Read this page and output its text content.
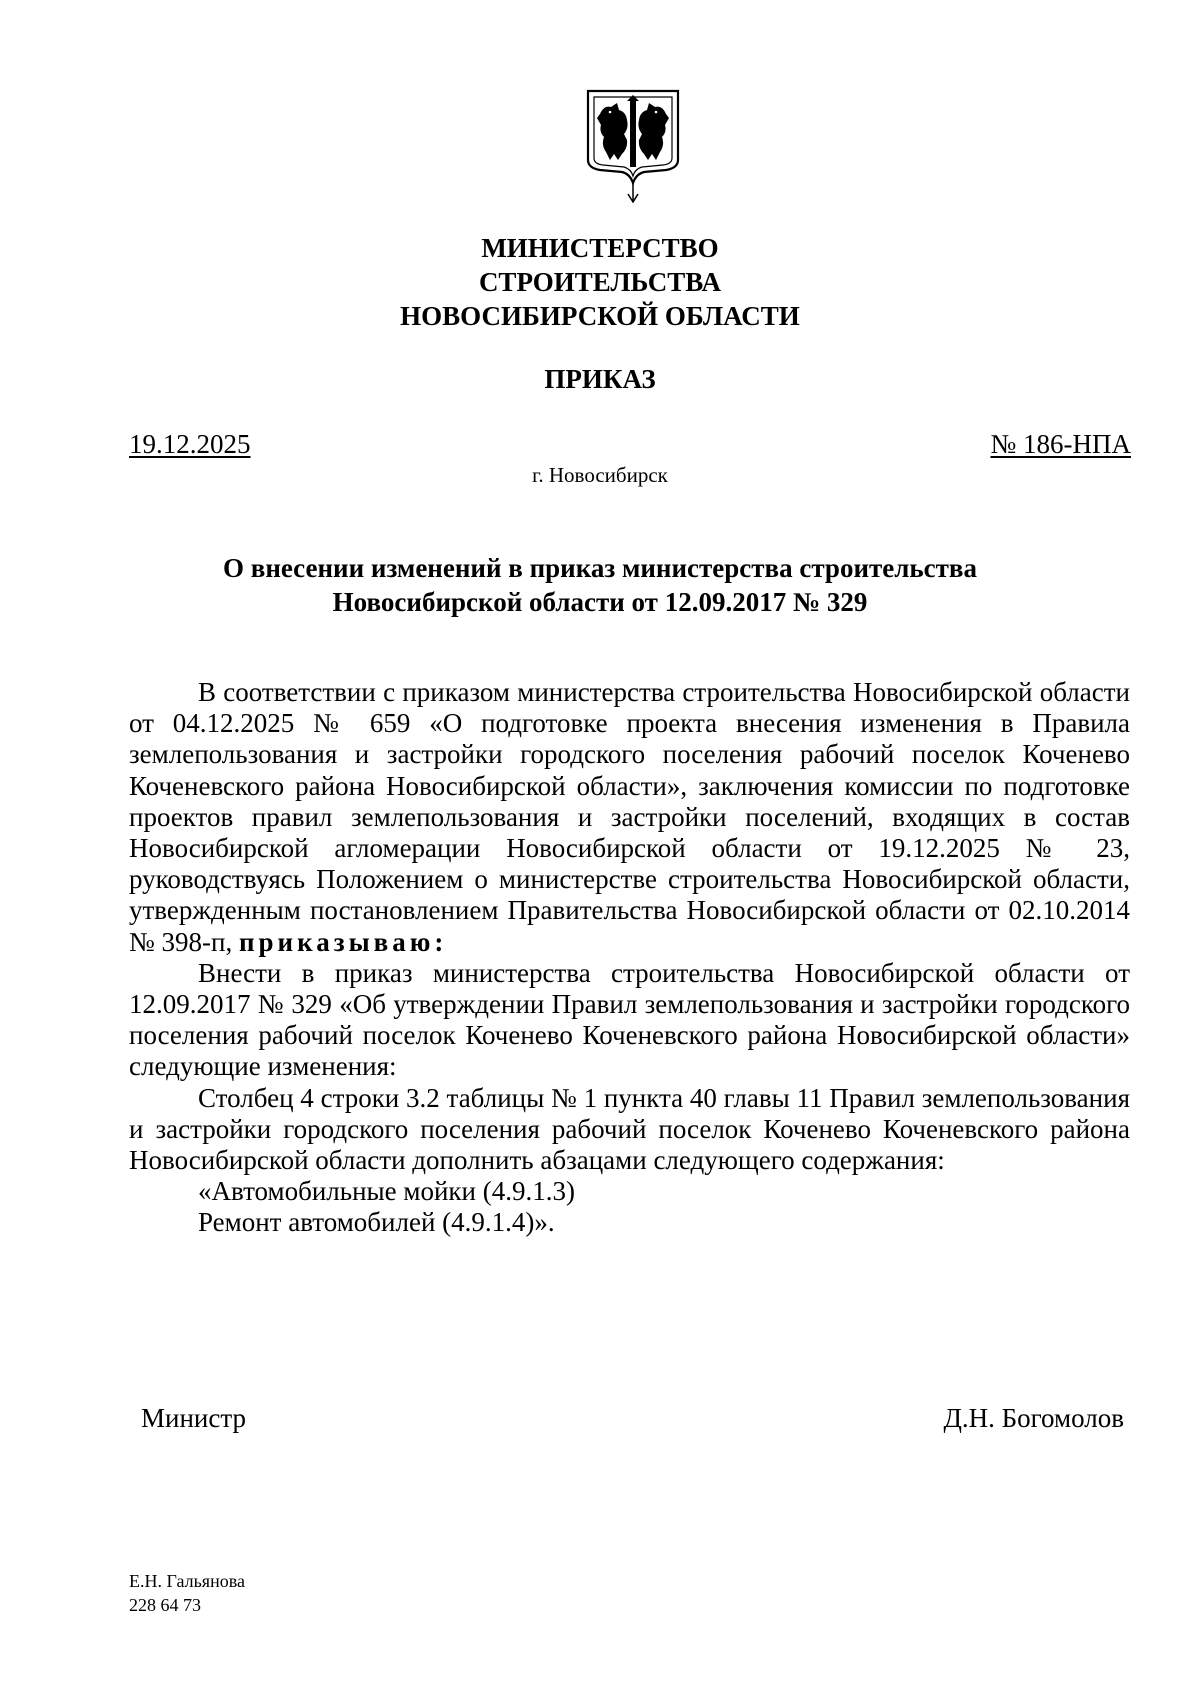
МИНИСТЕРСТВО
СТРОИТЕЛЬСТВА
НОВОСИБИРСКОЙ ОБЛАСТИ
ПРИКАЗ
19.12.2025	№ 186-НПА
г. Новосибирск
О внесении изменений в приказ министерства строительства
Новосибирской области от 12.09.2017 № 329

В соответствии с приказом министерства строительства Новосибирской области от 04.12.2025 № 659 «О подготовке проекта внесения изменения в Правила землепользования и застройки городского поселения рабочий поселок Коченево Коченевского района Новосибирской области», заключения комиссии по подготовке проектов правил землепользования и застройки поселений, входящих в состав Новосибирской агломерации Новосибирской области от 19.12.2025 № 23, руководствуясь Положением о министерстве строительства Новосибирской области, утвержденным постановлением Правительства Новосибирской области от 02.10.2014 № 398-п, приказываю:

Внести в приказ министерства строительства Новосибирской области от 12.09.2017 № 329 «Об утверждении Правил землепользования и застройки городского поселения рабочий поселок Коченево Коченевского района Новосибирской области» следующие изменения:

Столбец 4 строки 3.2 таблицы № 1 пункта 40 главы 11 Правил землепользования и застройки городского поселения рабочий поселок Коченево Коченевского района Новосибирской области дополнить абзацами следующего содержания:

«Автомобильные мойки (4.9.1.3)

Ремонт автомобилей (4.9.1.4)».

Министр	Д.Н. Богомолов
Е.Н. Гальянова
228 64 73
